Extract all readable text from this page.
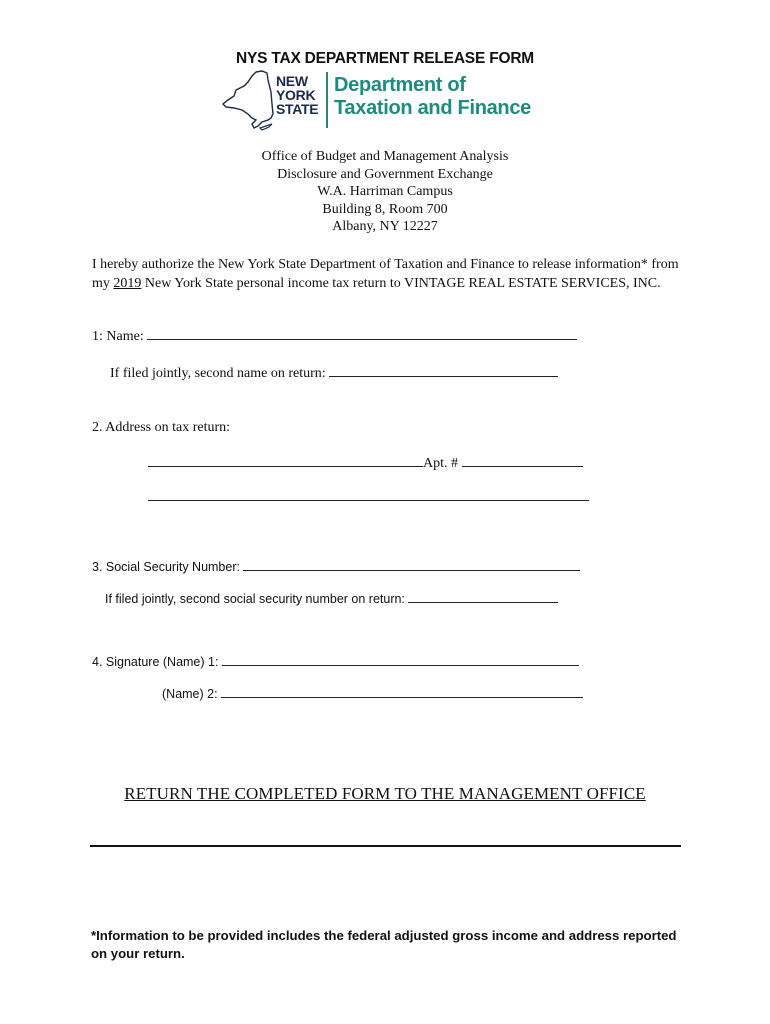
NYS TAX DEPARTMENT RELEASE FORM
NEW
YORK
STATE
Department of
Taxation and Finance
Office of Budget and Management Analysis
Disclosure and Government Exchange
W.A. Harriman Campus
Building 8, Room 700
Albany, NY 12227
I hereby authorize the New York State Department of Taxation and Finance to release information* from my 2019 New York State personal income tax return to VINTAGE REAL ESTATE SERVICES, INC.
1: Name:
If filed jointly, second name on return:
2. Address on tax return:
Apt. #
3. Social Security Number:
If filed jointly, second social security number on return:
4. Signature (Name) 1:
(Name) 2:
RETURN THE COMPLETED FORM TO THE MANAGEMENT OFFICE
*Information to be provided includes the federal adjusted gross income and address reported on your return.
